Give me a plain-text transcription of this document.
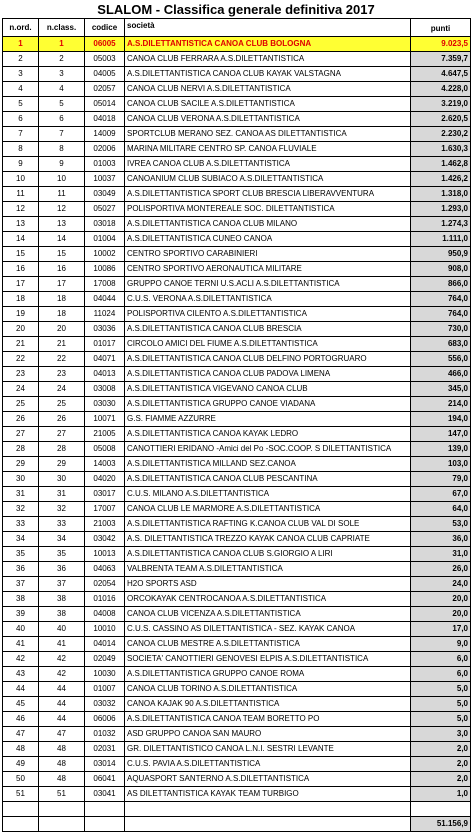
SLALOM - Classifica generale definitiva 2017
n.ord.	n.class.	codice	società	punti
1	1	06005	A.S.DILETTANTISTICA CANOA CLUB BOLOGNA	9.023,5
2	2	05003	CANOA CLUB FERRARA A.S.DILETTANTISTICA	7.359,7
3	3	04005	A.S.DILETTANTISTICA CANOA CLUB KAYAK VALSTAGNA	4.647,5
4	4	02057	CANOA CLUB NERVI A.S.DILETTANTISTICA	4.228,0
5	5	05014	CANOA CLUB SACILE A.S.DILETTANTISTICA	3.219,0
6	6	04018	CANOA CLUB VERONA A.S.DILETTANTISTICA	2.620,5
7	7	14009	SPORTCLUB MERANO SEZ. CANOA AS DILETTANTISTICA	2.230,2
8	8	02006	MARINA MILITARE CENTRO SP. CANOA FLUVIALE	1.630,3
9	9	01003	IVREA CANOA CLUB A.S.DILETTANTISTICA	1.462,8
10	10	10037	CANOANIUM CLUB SUBIACO A.S.DILETTANTISTICA	1.426,2
11	11	03049	A.S.DILETTANTISTICA SPORT CLUB BRESCIA LIBERAVVENTURA	1.318,0
12	12	05027	POLISPORTIVA MONTEREALE SOC. DILETTANTISTICA	1.293,0
13	13	03018	A.S.DILETTANTISTICA CANOA CLUB MILANO	1.274,3
14	14	01004	A.S.DILETTANTISTICA CUNEO CANOA	1.111,0
15	15	10002	CENTRO SPORTIVO CARABINIERI	950,9
16	16	10086	CENTRO SPORTIVO AERONAUTICA MILITARE	908,0
17	17	17008	GRUPPO CANOE TERNI U.S.ACLI A.S.DILETTANTISTICA	866,0
18	18	04044	C.U.S. VERONA A.S.DILETTANTISTICA	764,0
19	18	11024	POLISPORTIVA CILENTO A.S.DILETTANTISTICA	764,0
20	20	03036	A.S.DILETTANTISTICA CANOA CLUB BRESCIA	730,0
21	21	01017	CIRCOLO AMICI DEL FIUME A.S.DILETTANTISTICA	683,0
22	22	04071	A.S.DILETTANTISTICA CANOA CLUB DELFINO PORTOGRUARO	556,0
23	23	04013	A.S.DILETTANTISTICA CANOA CLUB PADOVA LIMENA	466,0
24	24	03008	A.S.DILETTANTISTICA VIGEVANO CANOA CLUB	345,0
25	25	03030	A.S.DILETTANTISTICA GRUPPO CANOE VIADANA	214,0
26	26	10071	G.S. FIAMME AZZURRE	194,0
27	27	21005	A.S.DILETTANTISTICA CANOA KAYAK LEDRO	147,0
28	28	05008	CANOTTIERI ERIDANO -Amici del Po -SOC.COOP. S DILETTANTISTICA	139,0
29	29	14003	A.S.DILETTANTISTICA MILLAND SEZ.CANOA	103,0
30	30	04020	A.S.DILETTANTISTICA CANOA CLUB PESCANTINA	79,0
31	31	03017	C.U.S. MILANO A.S.DILETTANTISTICA	67,0
32	32	17007	CANOA CLUB LE MARMORE A.S.DILETTANTISTICA	64,0
33	33	21003	A.S.DILETTANTISTICA RAFTING K.CANOA CLUB VAL DI SOLE	53,0
34	34	03042	A.S. DILETTANTISTICA TREZZO KAYAK CANOA CLUB CAPRIATE	36,0
35	35	10013	A.S.DILETTANTISTICA CANOA CLUB S.GIORGIO A LIRI	31,0
36	36	04063	VALBRENTA TEAM A.S.DILETTANTISTICA	26,0
37	37	02054	H2O SPORTS ASD	24,0
38	38	01016	ORCOKAYAK CENTROCANOA A.S.DILETTANTISTICA	20,0
39	38	04008	CANOA CLUB VICENZA A.S.DILETTANTISTICA	20,0
40	40	10010	C.U.S. CASSINO AS DILETTANTISTICA - SEZ. KAYAK CANOA	17,0
41	41	04014	CANOA CLUB MESTRE A.S.DILETTANTISTICA	9,0
42	42	02049	SOCIETA' CANOTTIERI GENOVESI ELPIS A.S.DILETTANTISTICA	6,0
43	42	10030	A.S.DILETTANTISTICA GRUPPO CANOE ROMA	6,0
44	44	01007	CANOA CLUB TORINO A.S.DILETTANTISTICA	5,0
45	44	03032	CANOA KAJAK 90 A.S.DILETTANTISTICA	5,0
46	44	06006	A.S.DILETTANTISTICA CANOA TEAM BORETTO PO	5,0
47	47	01032	ASD GRUPPO CANOA SAN MAURO	3,0
48	48	02031	GR. DILETTANTISTICO CANOA L.N.I. SESTRI LEVANTE	2,0
49	48	03014	C.U.S. PAVIA A.S.DILETTANTISTICA	2,0
50	48	06041	AQUASPORT SANTERNO A.S.DILETTANTISTICA	2,0
51	51	03041	AS DILETTANTISTICA KAYAK TEAM TURBIGO	1,0

				51.156,9
